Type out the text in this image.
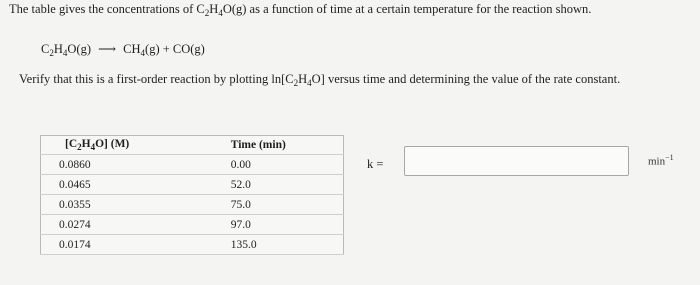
The table gives the concentrations of $C_2H_4O(g)$ as a function of time at a certain temperature for the reaction shown.
$C_2H_4O(g)$ ⟶ $CH_4(g) + CO(g)$
Verify that this is a first-order reaction by plotting $\ln[C_2H_4O]$ versus time and determining the value of the rate constant.
$[C_2H_4O]$ (M)	Time (min)
0.0860	0.00
0.0465	52.0
0.0355	75.0
0.0274	97.0
0.0174	135.0
k =	$\min^{-1}$
